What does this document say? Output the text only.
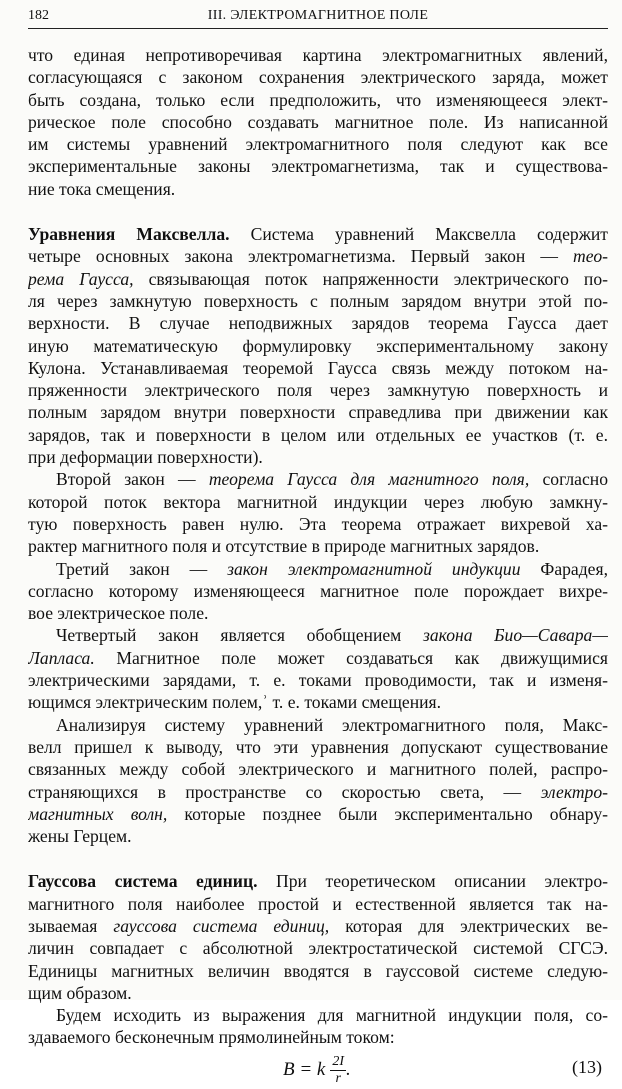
182	III. ЭЛЕКТРОМАГНИТНОЕ ПОЛЕ
что единая непротиворечивая картина электромагнитных явлений,
согласующаяся с законом сохранения электрического заряда, может
быть создана, только если предположить, что изменяющееся элект-
рическое поле способно создавать магнитное поле. Из написанной
им системы уравнений электромагнитного поля следуют как все
экспериментальные законы электромагнетизма, так и существова-
ние тока смещения.
Уравнения Максвелла. Система уравнений Максвелла содержит
четыре основных закона электромагнетизма. Первый закон — тео-
рема Гаусса, связывающая поток напряженности электрического по-
ля через замкнутую поверхность с полным зарядом внутри этой по-
верхности. В случае неподвижных зарядов теорема Гаусса дает
иную математическую формулировку экспериментальному закону
Кулона. Устанавливаемая теоремой Гаусса связь между потоком на-
пряженности электрического поля через замкнутую поверхность и
полным зарядом внутри поверхности справедлива при движении как
зарядов, так и поверхности в целом или отдельных ее участков (т. е.
при деформации поверхности).
Второй закон — теорема Гаусса для магнитного поля, согласно
которой поток вектора магнитной индукции через любую замкну-
тую поверхность равен нулю. Эта теорема отражает вихревой ха-
рактер магнитного поля и отсутствие в природе магнитных зарядов.
Третий закон — закон электромагнитной индукции Фарадея,
согласно которому изменяющееся магнитное поле порождает вихре-
вое электрическое поле.
Четвертый закон является обобщением закона Био—Савара—
Лапласа. Магнитное поле может создаваться как движущимися
электрическими зарядами, т. е. токами проводимости, так и изменя-
ющимся электрическим полем,ʾ т. е. токами смещения.
Анализируя систему уравнений электромагнитного поля, Макс-
велл пришел к выводу, что эти уравнения допускают существование
связанных между собой электрического и магнитного полей, распро-
страняющихся в пространстве со скоростью света, — электро-
магнитных волн, которые позднее были экспериментально обнару-
жены Герцем.
Гауссова система единиц. При теоретическом описании электро-
магнитного поля наиболее простой и естественной является так на-
зываемая гауссова система единиц, которая для электрических ве-
личин совпадает с абсолютной электростатической системой СГСЭ.
Единицы магнитных величин вводятся в гауссовой системе следую-
щим образом.
Будем исходить из выражения для магнитной индукции поля, со-
здаваемого бесконечным прямолинейным током:
B = k $\frac{2I}{r}$ .	(13)
